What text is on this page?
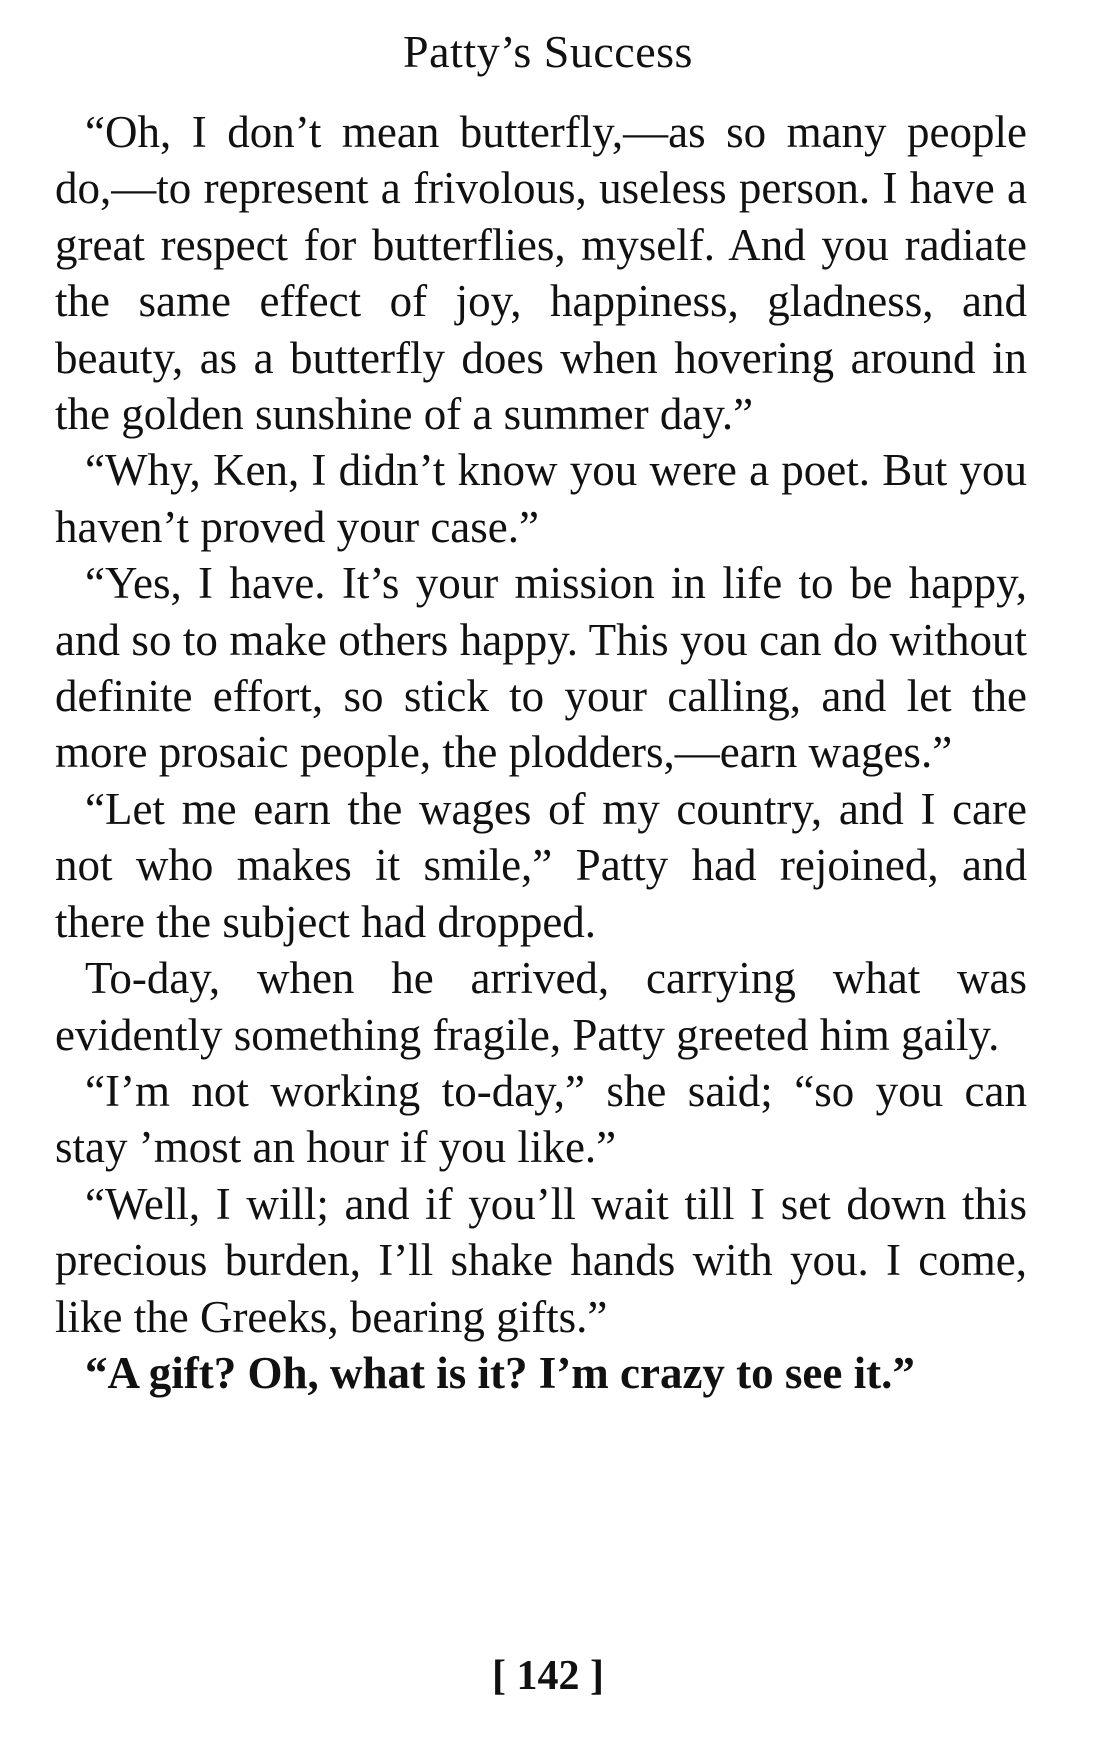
Patty’s Success

“Oh, I don’t mean butterfly,—as so many people do,—to represent a frivolous, useless person. I have a great respect for butterflies, myself. And you radiate the same effect of joy, happiness, gladness, and beauty, as a butterfly does when hovering around in the golden sunshine of a summer day.”

“Why, Ken, I didn’t know you were a poet. But you haven’t proved your case.”

“Yes, I have. It’s your mission in life to be happy, and so to make others happy. This you can do without definite effort, so stick to your calling, and let the more prosaic people, the plodders,—earn wages.”

“Let me earn the wages of my country, and I care not who makes it smile,” Patty had rejoined, and there the subject had dropped.

To-day, when he arrived, carrying what was evidently something fragile, Patty greeted him gaily.

“I’m not working to-day,” she said; “so you can stay ’most an hour if you like.”

“Well, I will; and if you’ll wait till I set down this precious burden, I’ll shake hands with you. I come, like the Greeks, bearing gifts.”

“A gift? Oh, what is it? I’m crazy to see it.”

[ 142 ]
